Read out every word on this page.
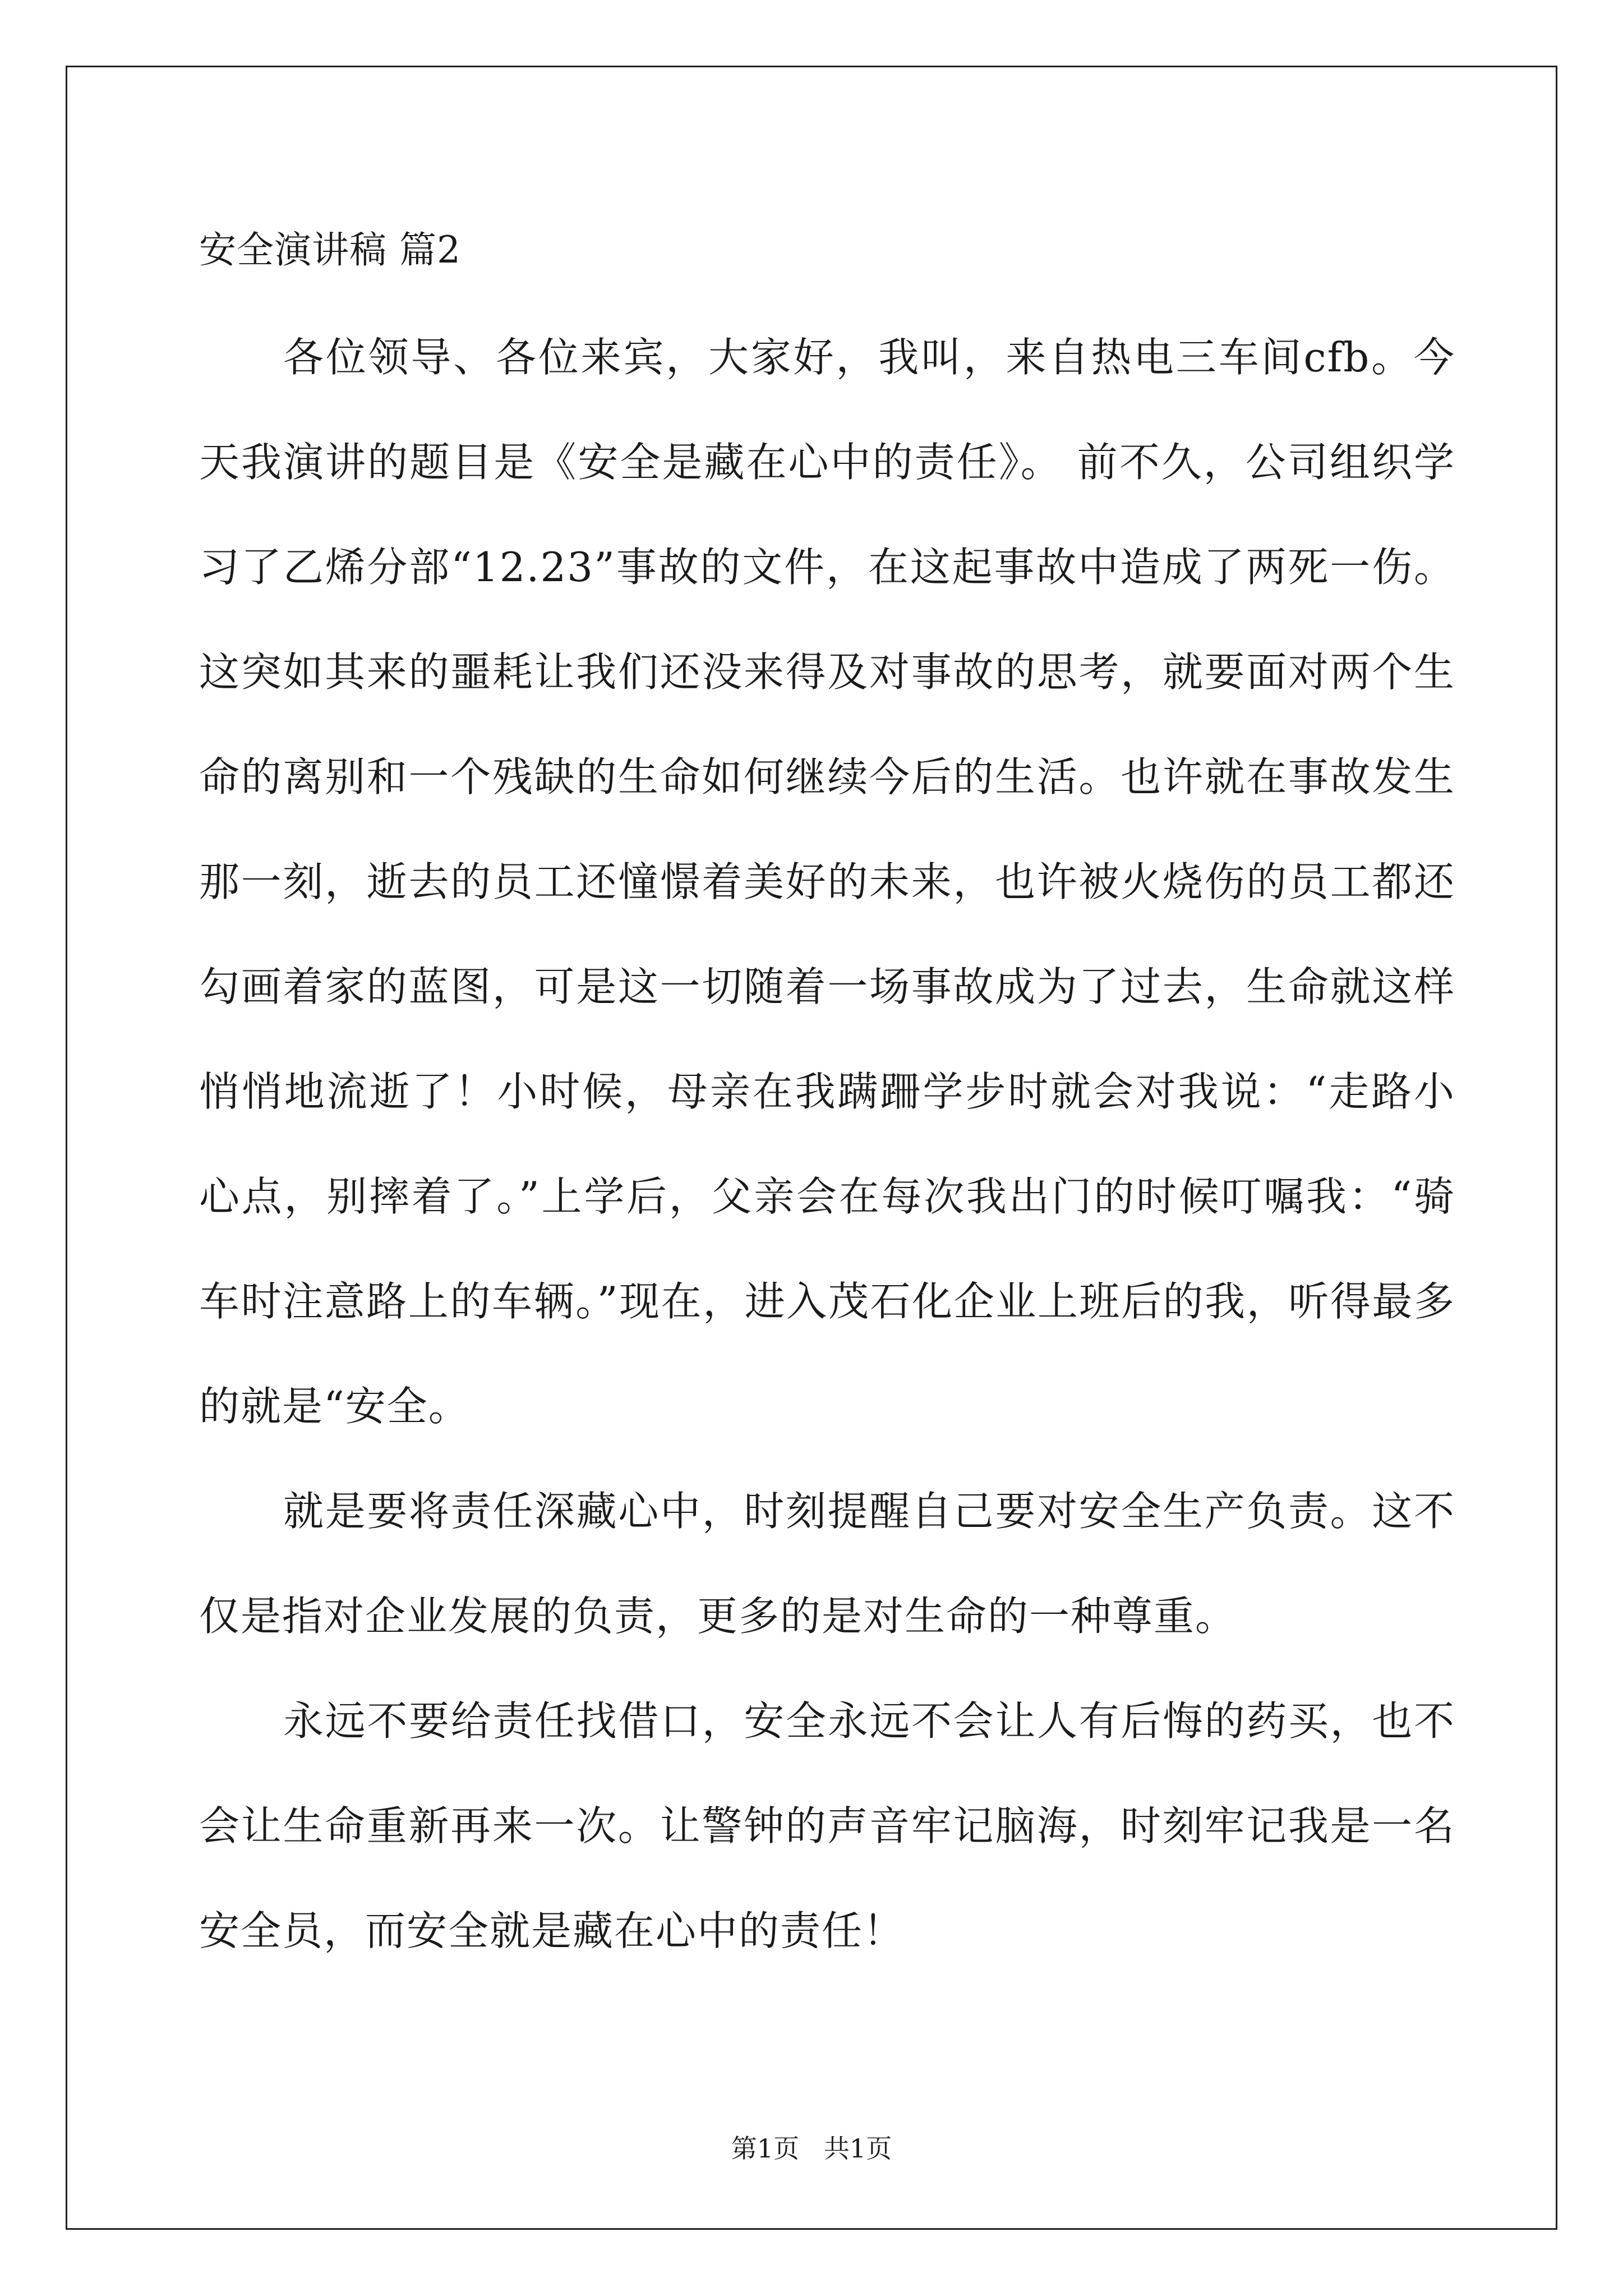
安全演讲稿 篇2

各位领导、各位来宾，大家好，我叫，来自热电三车间cfb。今天我演讲的题目是《安全是藏在心中的责任》。 前不久，公司组织学习了乙烯分部“12.23”事故的文件，在这起事故中造成了两死一伤。这突如其来的噩耗让我们还没来得及对事故的思考，就要面对两个生命的离别和一个残缺的生命如何继续今后的生活。也许就在事故发生那一刻，逝去的员工还憧憬着美好的未来，也许被火烧伤的员工都还勾画着家的蓝图，可是这一切随着一场事故成为了过去，生命就这样悄悄地流逝了！小时候，母亲在我蹒跚学步时就会对我说：“走路小心点，别摔着了。”上学后，父亲会在每次我出门的时候叮嘱我：“骑车时注意路上的车辆。”现在，进入茂石化企业上班后的我，听得最多的就是“安全。

就是要将责任深藏心中，时刻提醒自己要对安全生产负责。这不仅是指对企业发展的负责，更多的是对生命的一种尊重。

永远不要给责任找借口，安全永远不会让人有后悔的药买，也不会让生命重新再来一次。让警钟的声音牢记脑海，时刻牢记我是一名安全员，而安全就是藏在心中的责任！

第1页   共1页
